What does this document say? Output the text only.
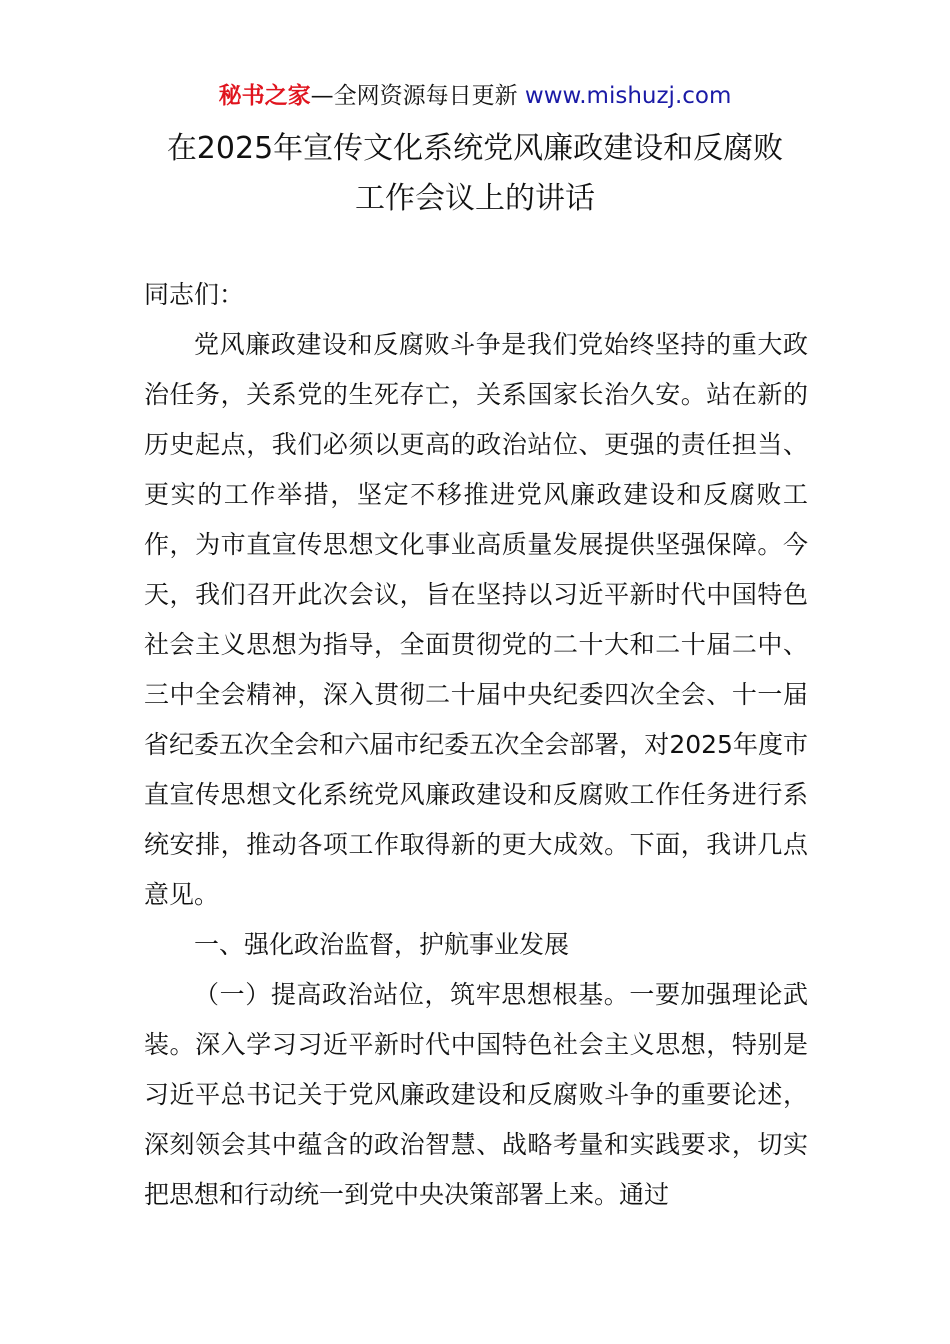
秘书之家—全网资源每日更新 www.mishuzj.com
在2025年宣传文化系统党风廉政建设和反腐败
工作会议上的讲话

同志们：

党风廉政建设和反腐败斗争是我们党始终坚持的重大政治任务，关系党的生死存亡，关系国家长治久安。站在新的历史起点，我们必须以更高的政治站位、更强的责任担当、更实的工作举措，坚定不移推进党风廉政建设和反腐败工作，为市直宣传思想文化事业高质量发展提供坚强保障。今天，我们召开此次会议，旨在坚持以习近平新时代中国特色社会主义思想为指导，全面贯彻党的二十大和二十届二中、三中全会精神，深入贯彻二十届中央纪委四次全会、十一届省纪委五次全会和六届市纪委五次全会部署，对2025年度市直宣传思想文化系统党风廉政建设和反腐败工作任务进行系统安排，推动各项工作取得新的更大成效。下面，我讲几点意见。

一、强化政治监督，护航事业发展

（一）提高政治站位，筑牢思想根基。一要加强理论武装。深入学习习近平新时代中国特色社会主义思想，特别是习近平总书记关于党风廉政建设和反腐败斗争的重要论述，深刻领会其中蕴含的政治智慧、战略考量和实践要求，切实把思想和行动统一到党中央决策部署上来。通过
